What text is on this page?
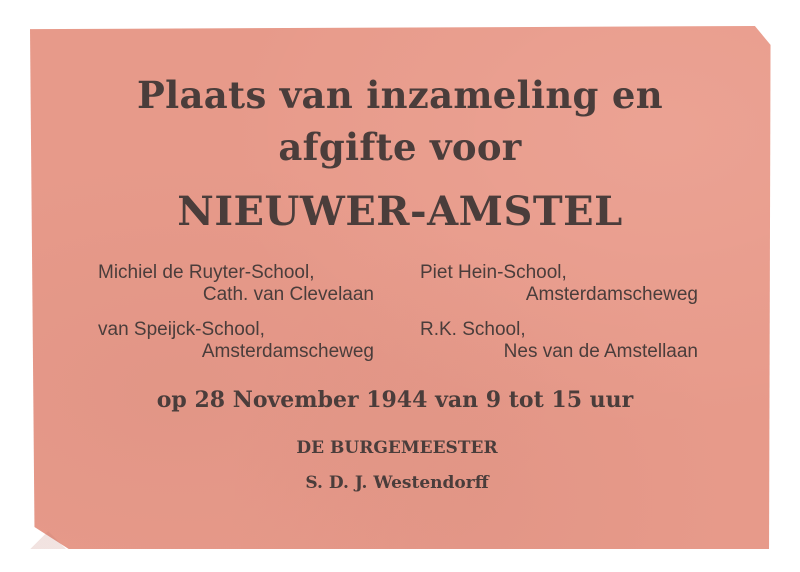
Plaats van inzameling en
afgifte voor
NIEUWER-AMSTEL
Michiel de Ruyter-School,
Cath. van Clevelaan
Piet Hein-School,
Amsterdamscheweg
van Speijck-School,
Amsterdamscheweg
R.K. School,
Nes van de Amstellaan
op 28 November 1944 van 9 tot 15 uur
DE BURGEMEESTER
S. D. J. Westendorff
